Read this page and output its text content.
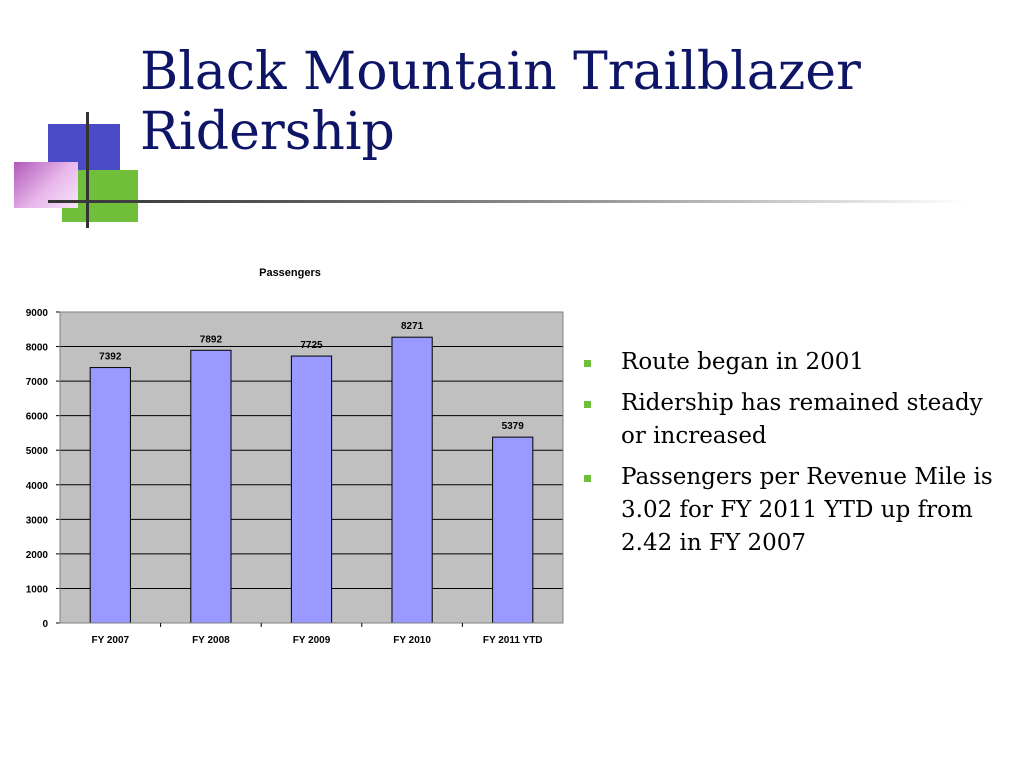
Black Mountain Trailblazer Ridership
Passengers
0
1000
2000
3000
4000
5000
6000
7000
8000
9000
FY 2007	FY 2008	FY 2009	FY 2010	FY 2011 YTD
7392
7892
7725
8271
5379
Route began in 2001
Ridership has remained steady or increased
Passengers per Revenue Mile is 3.02 for FY 2011 YTD up from 2.42 in FY 2007
